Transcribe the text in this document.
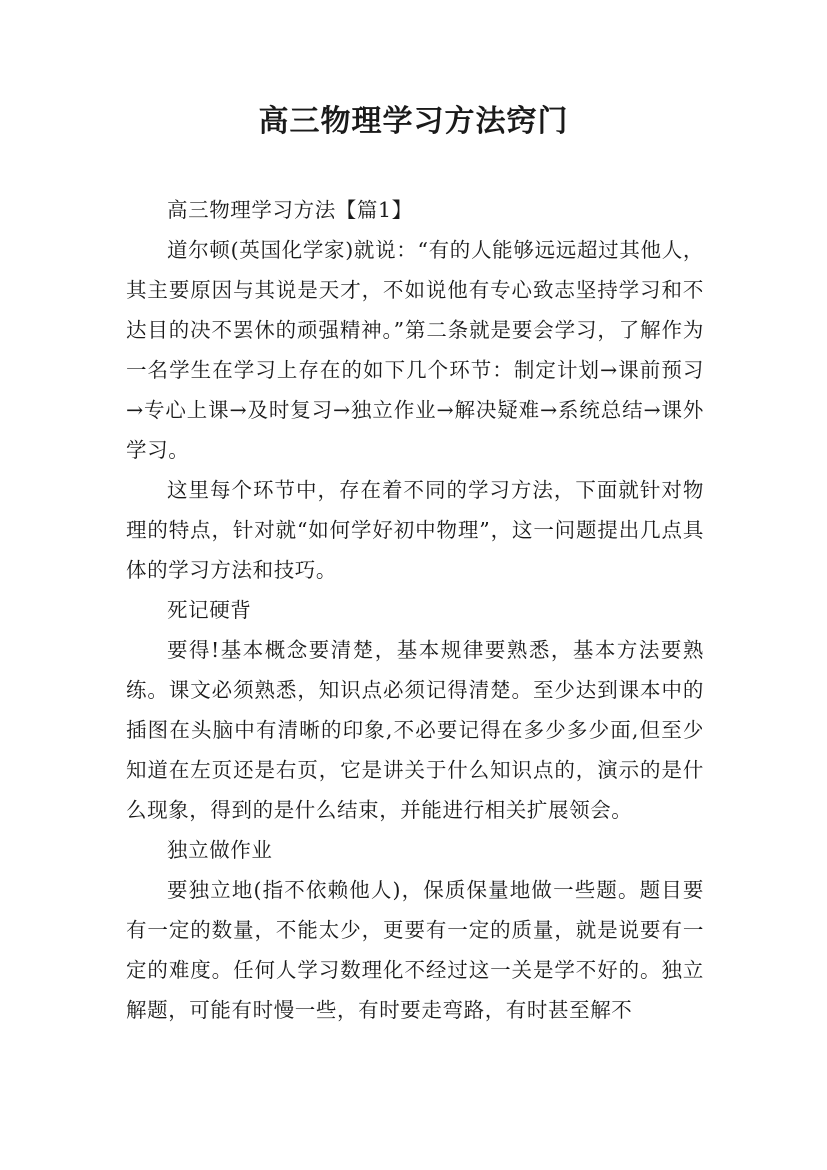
高三物理学习方法窍门

高三物理学习方法【篇1】

道尔顿(英国化学家)就说：“有的人能够远远超过其他人，其主要原因与其说是天才，不如说他有专心致志坚持学习和不达目的决不罢休的顽强精神。”第二条就是要会学习，了解作为一名学生在学习上存在的如下几个环节：制定计划→课前预习→专心上课→及时复习→独立作业→解决疑难→系统总结→课外学习。

这里每个环节中，存在着不同的学习方法，下面就针对物理的特点，针对就“如何学好初中物理”，这一问题提出几点具体的学习方法和技巧。

死记硬背

要得!基本概念要清楚，基本规律要熟悉，基本方法要熟练。课文必须熟悉，知识点必须记得清楚。至少达到课本中的插图在头脑中有清晰的印象,不必要记得在多少多少面,但至少知道在左页还是右页，它是讲关于什么知识点的，演示的是什么现象，得到的是什么结束，并能进行相关扩展领会。

独立做作业

要独立地(指不依赖他人)，保质保量地做一些题。题目要有一定的数量，不能太少，更要有一定的质量，就是说要有一定的难度。任何人学习数理化不经过这一关是学不好的。独立解题，可能有时慢一些，有时要走弯路，有时甚至解不
